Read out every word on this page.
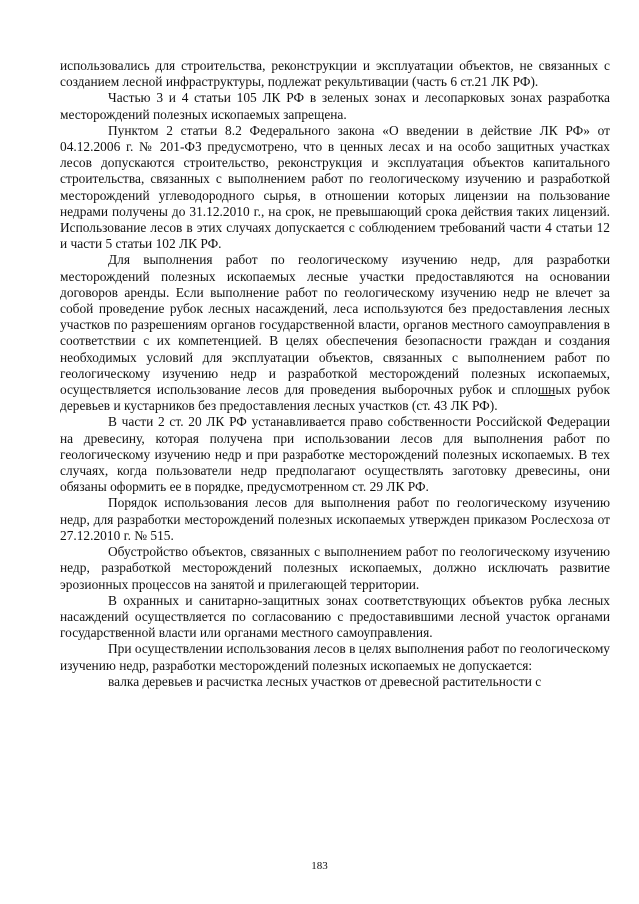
использовались для строительства, реконструкции и эксплуатации объектов, не связанных с созданием лесной инфраструктуры, подлежат рекультивации (часть 6 ст.21 ЛК РФ).

Частью 3 и 4 статьи 105 ЛК РФ в зеленых зонах и лесопарковых зонах разработка месторождений полезных ископаемых запрещена.

Пунктом 2 статьи 8.2 Федерального закона «О введении в действие ЛК РФ» от 04.12.2006 г. № 201-ФЗ предусмотрено, что в ценных лесах и на особо защитных участках лесов допускаются строительство, реконструкция и эксплуатация объектов капитального строительства, связанных с выполнением работ по геологическому изучению и разработкой месторождений углеводородного сырья, в отношении которых лицензии на пользование недрами получены до 31.12.2010 г., на срок, не превышающий срока действия таких лицензий. Использование лесов в этих случаях допускается с соблюдением требований части 4 статьи 12 и части 5 статьи 102 ЛК РФ.

Для выполнения работ по геологическому изучению недр, для разработки месторождений полезных ископаемых лесные участки предоставляются на основании договоров аренды. Если выполнение работ по геологическому изучению недр не влечет за собой проведение рубок лесных насаждений, леса используются без предоставления лесных участков по разрешениям органов государственной власти, органов местного самоуправления в соответствии с их компетенцией. В целях обеспечения безопасности граждан и создания необходимых условий для эксплуатации объектов, связанных с выполнением работ по геологическому изучению недр и разработкой месторождений полезных ископаемых, осуществляется использование лесов для проведения выборочных рубок и сплошных рубок деревьев и кустарников без предоставления лесных участков (ст. 43 ЛК РФ).

В части 2 ст. 20 ЛК РФ устанавливается право собственности Российской Федерации на древесину, которая получена при использовании лесов для выполнения работ по геологическому изучению недр и при разработке месторождений полезных ископаемых. В тех случаях, когда пользователи недр предполагают осуществлять заготовку древесины, они обязаны оформить ее в порядке, предусмотренном ст. 29 ЛК РФ.

Порядок использования лесов для выполнения работ по геологическому изучению недр, для разработки месторождений полезных ископаемых утвержден приказом Рослесхоза от 27.12.2010 г. № 515.

Обустройство объектов, связанных с выполнением работ по геологическому изучению недр, разработкой месторождений полезных ископаемых, должно исключать развитие эрозионных процессов на занятой и прилегающей территории.

В охранных и санитарно-защитных зонах соответствующих объектов рубка лесных насаждений осуществляется по согласованию с предоставившими лесной участок органами государственной власти или органами местного самоуправления.

При осуществлении использования лесов в целях выполнения работ по геологическому изучению недр, разработки месторождений полезных ископаемых не допускается:

валка деревьев и расчистка лесных участков от древесной растительности с

183
